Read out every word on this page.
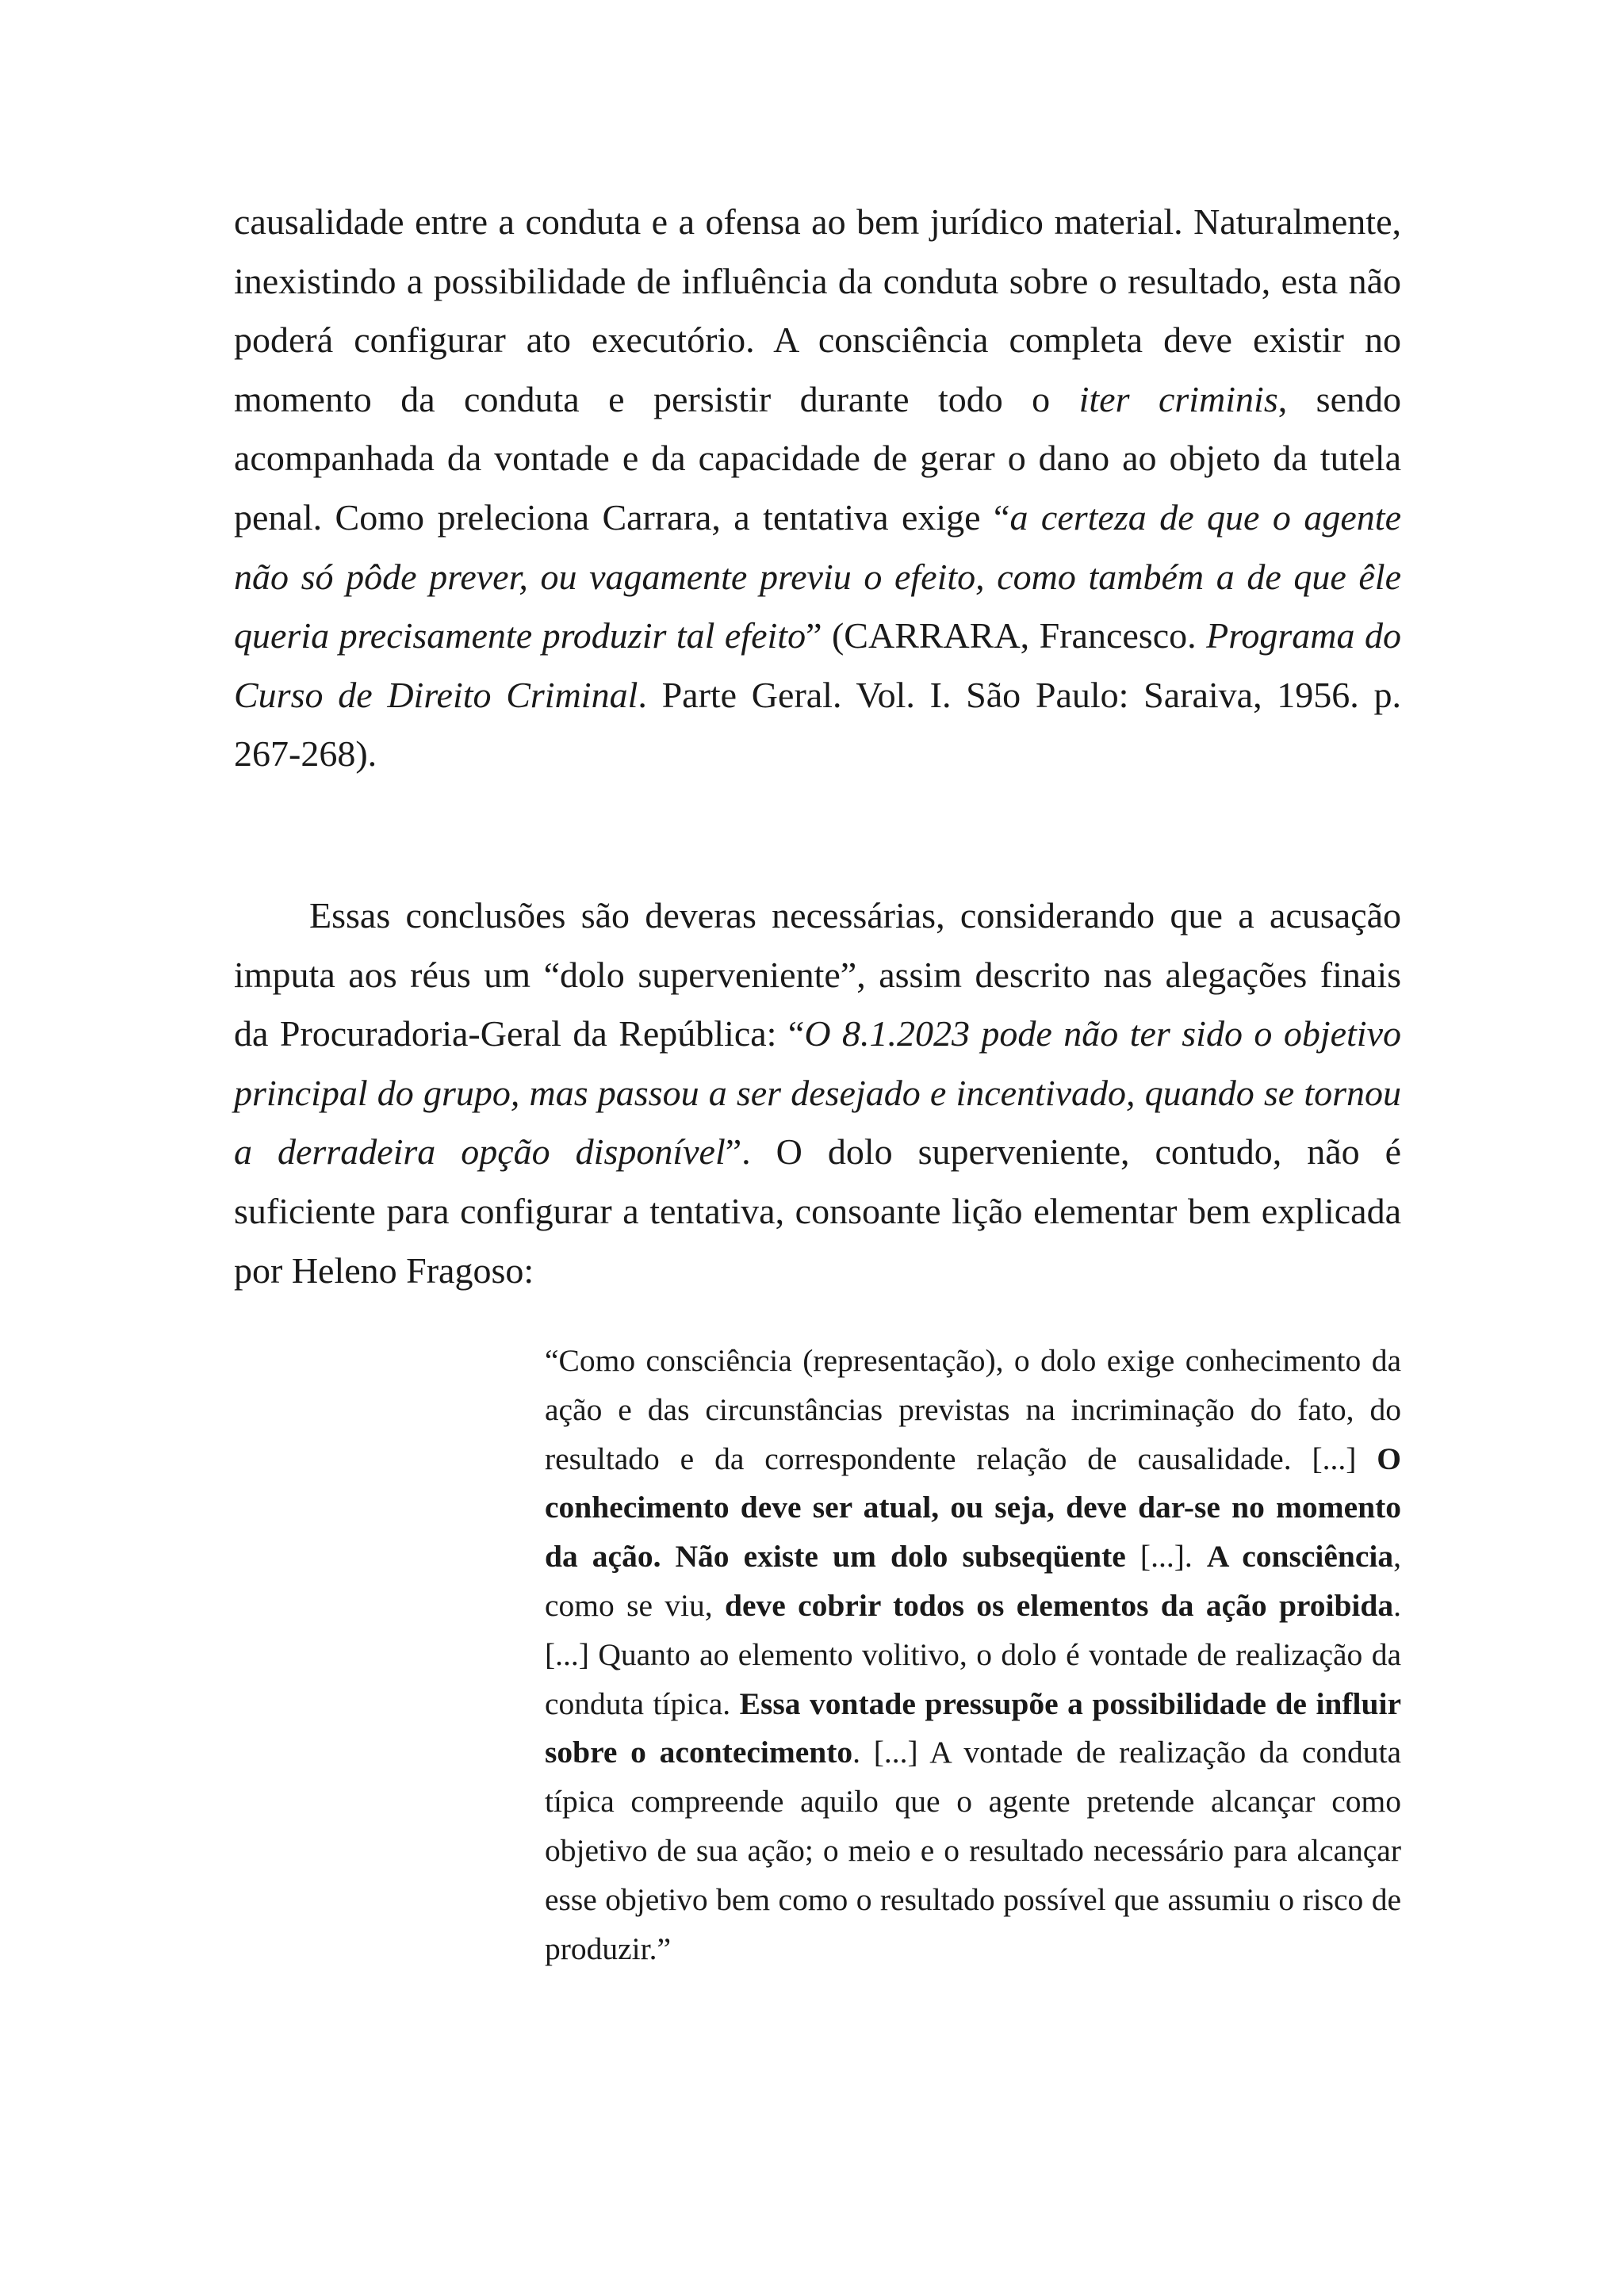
causalidade entre a conduta e a ofensa ao bem jurídico material. Naturalmente, inexistindo a possibilidade de influência da conduta sobre o resultado, esta não poderá configurar ato executório. A consciência completa deve existir no momento da conduta e persistir durante todo o iter criminis, sendo acompanhada da vontade e da capacidade de gerar o dano ao objeto da tutela penal. Como preleciona Carrara, a tentativa exige “a certeza de que o agente não só pôde prever, ou vagamente previu o efeito, como também a de que êle queria precisamente produzir tal efeito” (CARRARA, Francesco. Programa do Curso de Direito Criminal. Parte Geral. Vol. I. São Paulo: Saraiva, 1956. p. 267-268).

Essas conclusões são deveras necessárias, considerando que a acusação imputa aos réus um “dolo superveniente”, assim descrito nas alegações finais da Procuradoria-Geral da República: “O 8.1.2023 pode não ter sido o objetivo principal do grupo, mas passou a ser desejado e incentivado, quando se tornou a derradeira opção disponível”. O dolo superveniente, contudo, não é suficiente para configurar a tentativa, consoante lição elementar bem explicada por Heleno Fragoso:

“Como consciência (representação), o dolo exige conhecimento da ação e das circunstâncias previstas na incriminação do fato, do resultado e da correspondente relação de causalidade. [...] O conhecimento deve ser atual, ou seja, deve dar-se no momento da ação. Não existe um dolo subseqüente [...]. A consciência, como se viu, deve cobrir todos os elementos da ação proibida. [...] Quanto ao elemento volitivo, o dolo é vontade de realização da conduta típica. Essa vontade pressupõe a possibilidade de influir sobre o acontecimento. [...] A vontade de realização da conduta típica compreende aquilo que o agente pretende alcançar como objetivo de sua ação; o meio e o resultado necessário para alcançar esse objetivo bem como o resultado possível que assumiu o risco de produzir.”
